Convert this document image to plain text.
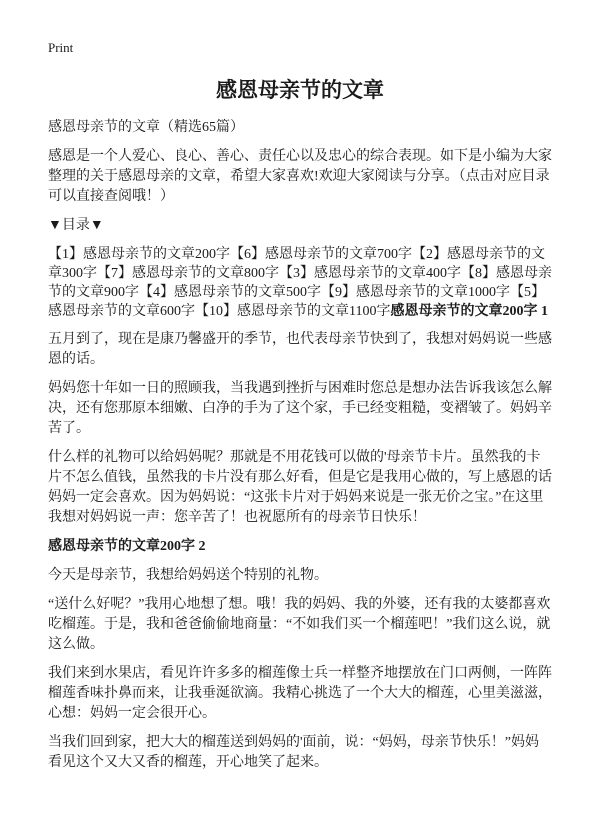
Print
感恩母亲节的文章

感恩母亲节的文章（精选65篇）

感恩是一个人爱心、良心、善心、责任心以及忠心的综合表现。如下是小编为大家整理的关于感恩母亲的文章，希望大家喜欢!欢迎大家阅读与分享。（点击对应目录可以直接查阅哦！）

▼目录▼

【1】感恩母亲节的文章200字【6】感恩母亲节的文章700字【2】感恩母亲节的文章300字【7】感恩母亲节的文章800字【3】感恩母亲节的文章400字【8】感恩母亲节的文章900字【4】感恩母亲节的文章500字【9】感恩母亲节的文章1000字【5】感恩母亲节的文章600字【10】感恩母亲节的文章1100字感恩母亲节的文章200字 1

五月到了，现在是康乃馨盛开的季节，也代表母亲节快到了，我想对妈妈说一些感恩的话。

妈妈您十年如一日的照顾我，当我遇到挫折与困难时您总是想办法告诉我该怎么解决，还有您那原本细嫩、白净的手为了这个家，手已经变粗糙，变褶皱了。妈妈辛苦了。

什么样的礼物可以给妈妈呢？那就是不用花钱可以做的'母亲节卡片。虽然我的卡片不怎么值钱，虽然我的卡片没有那么好看，但是它是我用心做的，写上感恩的话妈妈一定会喜欢。因为妈妈说：“这张卡片对于妈妈来说是一张无价之宝。”在这里我想对妈妈说一声：您辛苦了！也祝愿所有的母亲节日快乐！

感恩母亲节的文章200字 2

今天是母亲节，我想给妈妈送个特别的礼物。

“送什么好呢？”我用心地想了想。哦！我的妈妈、我的外婆，还有我的太婆都喜欢吃榴莲。于是，我和爸爸偷偷地商量：“不如我们买一个榴莲吧！”我们这么说，就这么做。

我们来到水果店，看见许许多多的榴莲像士兵一样整齐地摆放在门口两侧，一阵阵榴莲香味扑鼻而来，让我垂涎欲滴。我精心挑选了一个大大的榴莲，心里美滋滋，心想：妈妈一定会很开心。

当我们回到家，把大大的榴莲送到妈妈的'面前，说：“妈妈，母亲节快乐！”妈妈看见这个又大又香的榴莲，开心地笑了起来。
